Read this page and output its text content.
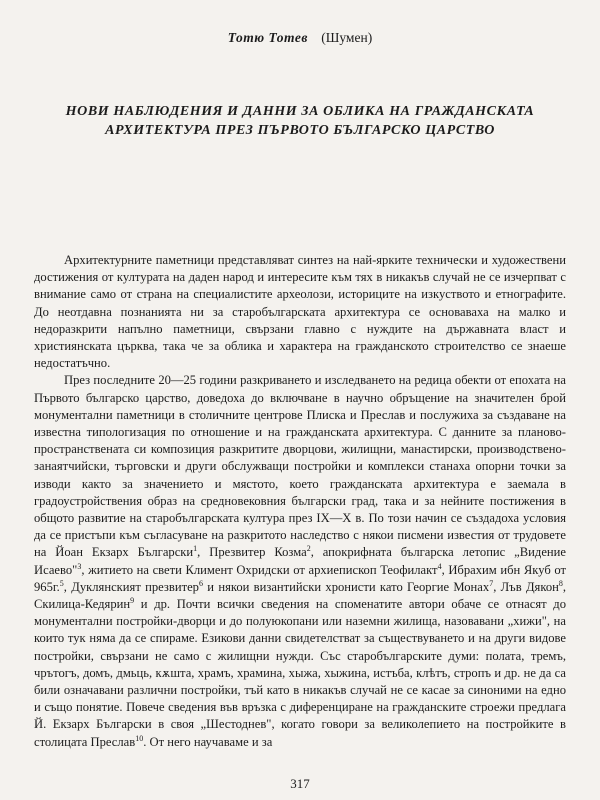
Тотю Тотев (Шумен)
НОВИ НАБЛЮДЕНИЯ И ДАННИ ЗА ОБЛИКА НА ГРАЖДАНСКАТА
АРХИТЕКТУРА ПРЕЗ ПЪРВОТО БЪЛГАРСКО ЦАРСТВО

Архитектурните паметници представляват синтез на най-ярките технически и художествени достижения от културата на даден народ и интересите към тях в никакъв случай не се изчерпват с внимание само от страна на специалистите археолози, историците на изкуството и етнографите. До неотдавна познанията ни за старобългарската архитектура се основаваха на малко и недоразкрити напълно паметници, свързани главно с нуждите на държавната власт и християнската църква, така че за облика и характера на гражданското строителство се знаеше недостатъчно.

През последните 20—25 години разкриването и изследването на редица обекти от епохата на Първото българско царство, доведоха до включване в научно обръщение на значителен брой монументални паметници в столичните центрове Плиска и Преслав и послужиха за създаване на известна типологизация по отношение и на гражданската архитектура. С данните за планово-пространствената си композиция разкритите дворцови, жилищни, манастирски, производствено-занаятчийски, търговски и други обслужващи постройки и комплекси станаха опорни точки за изводи както за значението и мястото, което гражданската архитектура е заемала в градоустройствения образ на средновековния български град, така и за нейните постижения в общото развитие на старобългарската култура през IX—X в. По този начин се създадоха условия да се пристъпи към съгласуване на разкритото наследство с някои писмени известия от трудовете на Йоан Екзарх Български$^1$, Презвитер Козма$^2$, апокрифната българска летопис „Видение Исаево"$^3$, житието на свети Климент Охридски от архиепископ Теофилакт$^4$, Ибрахим ибн Якуб от 965г.$^5$, Дуклянският презвитер$^6$ и някои византийски хронисти като Георгие Монах$^7$, Лъв Дякон$^8$, Скилица-Кедярин$^9$ и др. Почти всички сведения на споменатите автори обаче се отнасят до монументални постройки-дворци и до полуюкопани или наземни жилища, назовавани „хижи", на които тук няма да се спираме. Езикови данни свидетелстват за съществуването и на други видове постройки, свързани не само с жилищни нужди. Със старобългарските думи: полата, тремъ, чрътогъ, домъ, дмьць, кѫшта, храмъ, храмина, хыжа, хыжина, истъба, клѣтъ, стропъ и др. не да са били означавани различни постройки, тъй като в никакъв случай не се касае за синоними на едно и също понятие. Повече сведения във връзка с диференциране на гражданските строежи предлага Й. Екзарх Български в своя „Шестоднев", когато говори за великолепието на постройките в столицата Преслав$^{10}$. От него научаваме и за

317
